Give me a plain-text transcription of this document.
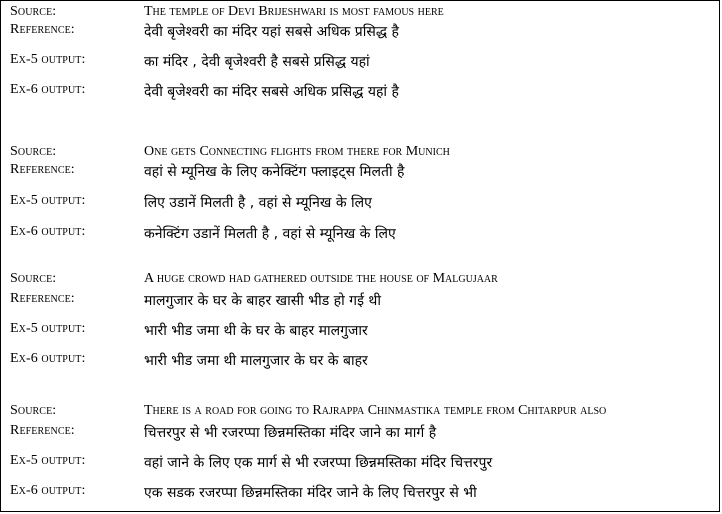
Source:	The temple of Devi Brijeshwari is most famous here
Reference:	देवी बृजेश्वरी का मंदिर यहां सबसे अधिक प्रसिद्ध है
Ex-5 output:	का मंदिर , देवी बृजेश्वरी है सबसे प्रसिद्ध यहां
Ex-6 output:	देवी बृजेश्वरी का मंदिर सबसे अधिक प्रसिद्ध यहां है
Source:	One gets Connecting flights from there for Munich
Reference:	वहां से म्यूनिख के लिए कनेक्टिंग फ्लाइट्स मिलती है
Ex-5 output:	लिए उडानें मिलती है , वहां से म्यूनिख के लिए
Ex-6 output:	कनेक्टिंग उडानें मिलती है , वहां से म्यूनिख के लिए
Source:	A huge crowd had gathered outside the house of Malgujaar
Reference:	मालगुजार के घर के बाहर खासी भीड हो गई थी
Ex-5 output:	भारी भीड जमा थी के घर के बाहर मालगुजार
Ex-6 output:	भारी भीड जमा थी मालगुजार के घर के बाहर
Source:	There is a road for going to Rajrappa Chinmastika temple from Chitarpur also
Reference:	चित्तरपुर से भी रजरप्पा छिन्नमस्तिका मंदिर जाने का मार्ग है
Ex-5 output:	वहां जाने के लिए एक मार्ग से भी रजरप्पा छिन्नमस्तिका मंदिर चित्तरपुर
Ex-6 output:	एक सडक रजरप्पा छिन्नमस्तिका मंदिर जाने के लिए चित्तरपुर से भी
